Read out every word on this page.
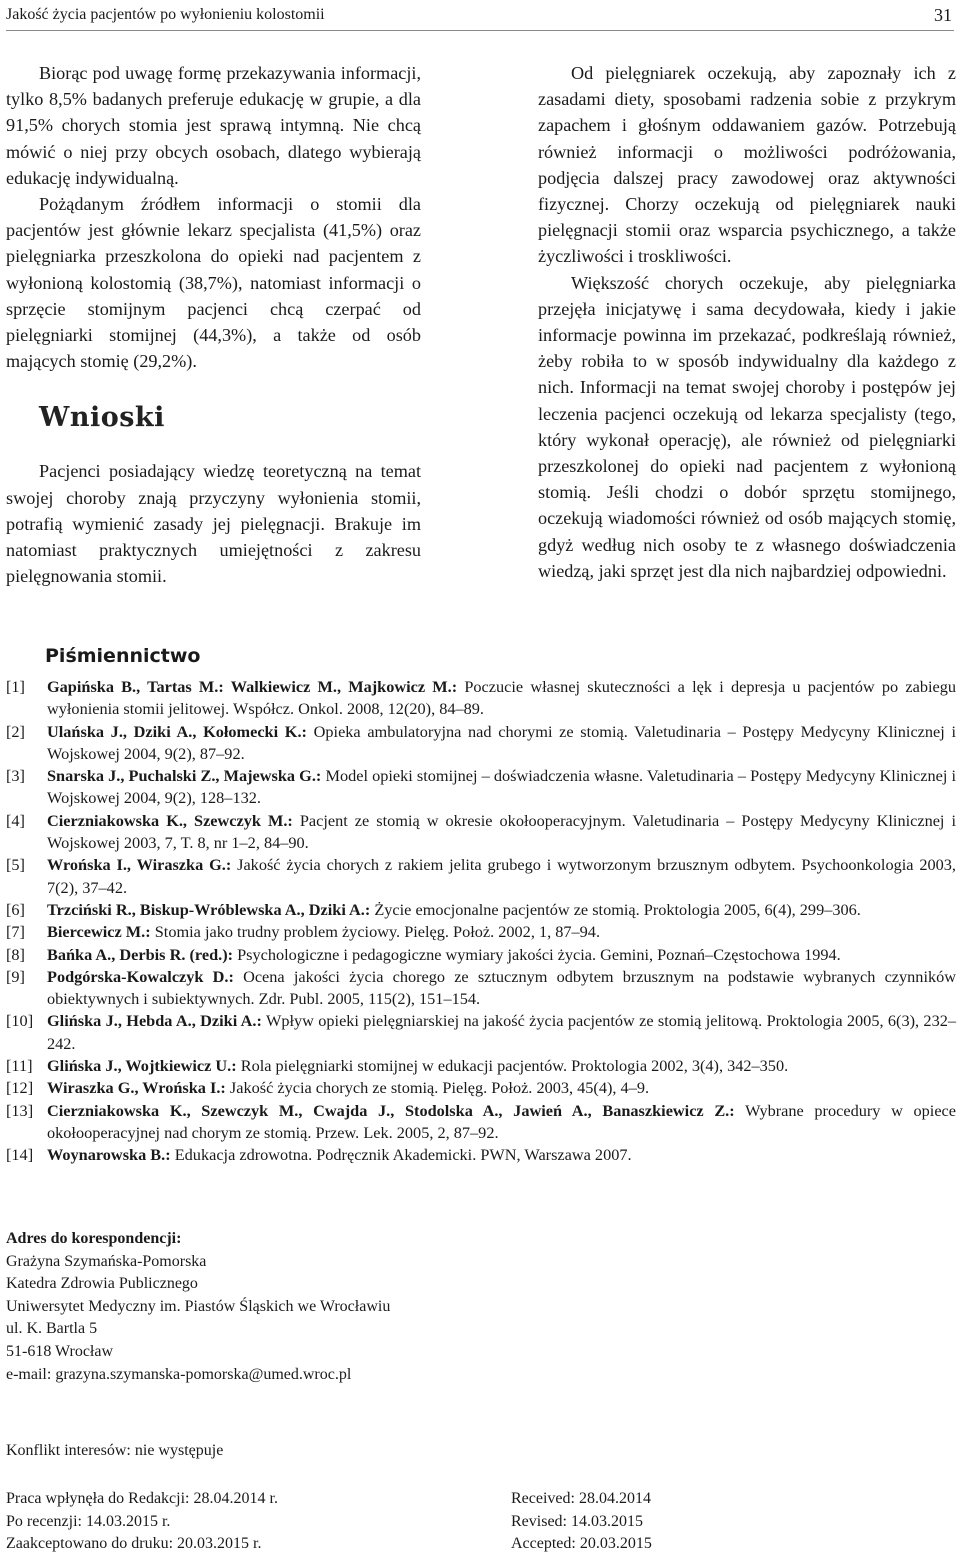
Jakość życia pacjentów po wyłonieniu kolostomii	31

Biorąc pod uwagę formę przekazywania informacji, tylko 8,5% badanych preferuje edukację w grupie, a dla 91,5% chorych stomia jest sprawą intymną. Nie chcą mówić o niej przy obcych osobach, dlatego wybierają edukację indywidualną.

Pożądanym źródłem informacji o stomii dla pacjentów jest głównie lekarz specjalista (41,5%) oraz pielęgniarka przeszkolona do opieki nad pacjentem z wyłonioną kolostomią (38,7%), natomiast informacji o sprzęcie stomijnym pacjenci chcą czerpać od pielęgniarki stomijnej (44,3%), a także od osób mających stomię (29,2%).

Wnioski

Pacjenci posiadający wiedzę teoretyczną na temat swojej choroby znają przyczyny wyłonienia stomii, potrafią wymienić zasady jej pielęgnacji. Brakuje im natomiast praktycznych umiejętności z zakresu pielęgnowania stomii.

Od pielęgniarek oczekują, aby zapoznały ich z zasadami diety, sposobami radzenia sobie z przykrym zapachem i głośnym oddawaniem gazów. Potrzebują również informacji o możliwości podróżowania, podjęcia dalszej pracy zawodowej oraz aktywności fizycznej. Chorzy oczekują od pielęgniarek nauki pielęgnacji stomii oraz wsparcia psychicznego, a także życzliwości i troskliwości.

Większość chorych oczekuje, aby pielęgniarka przejęła inicjatywę i sama decydowała, kiedy i jakie informacje powinna im przekazać, podkreślają również, żeby robiła to w sposób indywidualny dla każdego z nich. Informacji na temat swojej choroby i postępów jej leczenia pacjenci oczekują od lekarza specjalisty (tego, który wykonał operację), ale również od pielęgniarki przeszkolonej do opieki nad pacjentem z wyłonioną stomią. Jeśli chodzi o dobór sprzętu stomijnego, oczekują wiadomości również od osób mających stomię, gdyż według nich osoby te z własnego doświadczenia wiedzą, jaki sprzęt jest dla nich najbardziej odpowiedni.

Piśmiennictwo
[1] Gapińska B., Tartas M.: Walkiewicz M., Majkowicz M.: Poczucie własnej skuteczności a lęk i depresja u pacjentów po zabiegu wyłonienia stomii jelitowej. Współcz. Onkol. 2008, 12(20), 84–89.
[2] Ulańska J., Dziki A., Kołomecki K.: Opieka ambulatoryjna nad chorymi ze stomią. Valetudinaria – Postępy Medycyny Klinicznej i Wojskowej 2004, 9(2), 87–92.
[3] Snarska J., Puchalski Z., Majewska G.: Model opieki stomijnej – doświadczenia własne. Valetudinaria – Postępy Medycyny Klinicznej i Wojskowej 2004, 9(2), 128–132.
[4] Cierzniakowska K., Szewczyk M.: Pacjent ze stomią w okresie okołooperacyjnym. Valetudinaria – Postępy Medycyny Klinicznej i Wojskowej 2003, 7, T. 8, nr 1–2, 84–90.
[5] Wrońska I., Wiraszka G.: Jakość życia chorych z rakiem jelita grubego i wytworzonym brzusznym odbytem. Psychoonkologia 2003, 7(2), 37–42.
[6] Trzciński R., Biskup-Wróblewska A., Dziki A.: Życie emocjonalne pacjentów ze stomią. Proktologia 2005, 6(4), 299–306.
[7] Biercewicz M.: Stomia jako trudny problem życiowy. Pielęg. Położ. 2002, 1, 87–94.
[8] Bańka A., Derbis R. (red.): Psychologiczne i pedagogiczne wymiary jakości życia. Gemini, Poznań–Częstochowa 1994.
[9] Podgórska-Kowalczyk D.: Ocena jakości życia chorego ze sztucznym odbytem brzusznym na podstawie wybranych czynników obiektywnych i subiektywnych. Zdr. Publ. 2005, 115(2), 151–154.
[10] Glińska J., Hebda A., Dziki A.: Wpływ opieki pielęgniarskiej na jakość życia pacjentów ze stomią jelitową. Proktologia 2005, 6(3), 232–242.
[11] Glińska J., Wojtkiewicz U.: Rola pielęgniarki stomijnej w edukacji pacjentów. Proktologia 2002, 3(4), 342–350.
[12] Wiraszka G., Wrońska I.: Jakość życia chorych ze stomią. Pielęg. Położ. 2003, 45(4), 4–9.
[13] Cierzniakowska K., Szewczyk M., Cwajda J., Stodolska A., Jawień A., Banaszkiewicz Z.: Wybrane procedury w opiece okołooperacyjnej nad chorym ze stomią. Przew. Lek. 2005, 2, 87–92.
[14] Woynarowska B.: Edukacja zdrowotna. Podręcznik Akademicki. PWN, Warszawa 2007.
Adres do korespondencji:
Grażyna Szymańska-Pomorska
Katedra Zdrowia Publicznego
Uniwersytet Medyczny im. Piastów Śląskich we Wrocławiu
ul. K. Bartla 5
51-618 Wrocław
e-mail: grazyna.szymanska-pomorska@umed.wroc.pl
Konflikt interesów: nie występuje
Praca wpłynęła do Redakcji: 28.04.2014 r.
Po recenzji: 14.03.2015 r.
Zaakceptowano do druku: 20.03.2015 r.
Received: 28.04.2014
Revised: 14.03.2015
Accepted: 20.03.2015
